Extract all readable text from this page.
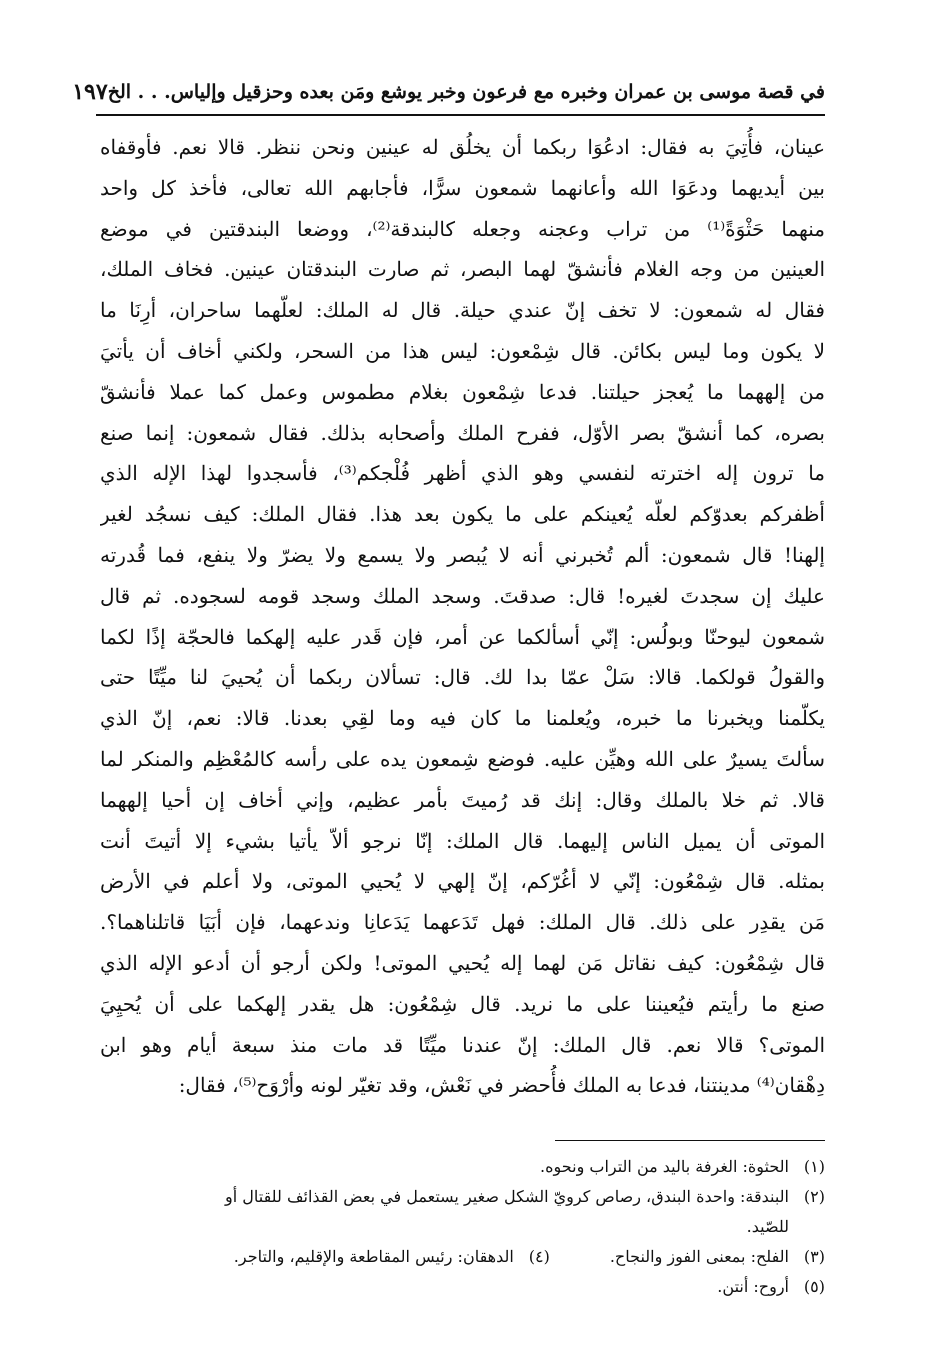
في قصة موسى بن عمران وخبره مع فرعون وخبر يوشع ومَن بعده وحزقيل وإلياس. . . الخ
١٩٧
عينان، فأُتِيَ به فقال: ادعُوَا ربكما أن يخلُق له عينين ونحن ننظر. قالا نعم. فأوقفاه
بين أيديهما ودعَوَا الله وأعانهما شمعون سرًّا، فأجابهم الله تعالى، فأخذ كل واحد
منهما حَثْوَةً⁽¹⁾ من تراب وعجنه وجعله كالبندقة⁽²⁾، ووضعا البندقتين في موضع
العينين من وجه الغلام فأنشقّ لهما البصر، ثم صارت البندقتان عينين. فخاف الملك،
فقال له شمعون: لا تخف إنّ عندي حيلة. قال له الملك: لعلّهما ساحران، أرِنَا ما
لا يكون وما ليس بكائن. قال شِمْعون: ليس هذا من السحر، ولكني أخاف أن يأتيَ
من إلههما ما يُعجز حيلتنا. فدعا شِمْعون بغلام مطموس وعمل كما عملا فأنشقّ
بصره، كما أنشقّ بصر الأوّل، ففرح الملك وأصحابه بذلك. فقال شمعون: إنما صنع
ما ترون إله اخترته لنفسي وهو الذي أظهر فُلْجكم⁽³⁾، فأسجدوا لهذا الإله الذي
أظفركم بعدوّكم لعلّه يُعينكم على ما يكون بعد هذا. فقال الملك: كيف نسجُد لغير
إلهنا! قال شمعون: ألم تُخبرني أنه لا يُبصر ولا يسمع ولا يضرّ ولا ينفع، فما قُدرته
عليك إن سجدتَ لغيره! قال: صدقتَ. وسجد الملك وسجد قومه لسجوده. ثم قال
شمعون ليوحنّا وبولُس: إنّي أسألكما عن أمر، فإن قَدر عليه إلهكما فالحجّة إذًا لكما
والقولُ قولكما. قالا: سَلْ عمّا بدا لك. قال: تسألان ربكما أن يُحييَ لنا ميِّتًا حتى
يكلّمنا ويخبرنا ما خبره، ويُعلمنا ما كان فيه وما لقِي بعدنا. قالا: نعم، إنّ الذي
سألتَ يسيرٌ على الله وهيِّن عليه. فوضع شِمعون يده على رأسه كالمُعْظِم والمنكر لما
قالا. ثم خلا بالملك وقال: إنك قد رُميتَ بأمر عظيم، وإني أخاف إن أحيا إلههما
الموتى أن يميل الناس إليهما. قال الملك: إنّا نرجو ألاّ يأتيا بشيء إلا أتيتَ أنت
بمثله. قال شِمْعُون: إنّي لا أغُرّكم، إنّ إلهي لا يُحيي الموتى، ولا أعلم في الأرض
مَن يقدِر على ذلك. قال الملك: فهل تَدَعهما يَدَعانِا وندعهما، فإن أبَيَا قاتلناهما؟.
قال شِمْعُون: كيف نقاتل مَن لهما إله يُحيي الموتى! ولكن أرجو أن أدعو الإله الذي
صنع ما رأيتم فيُعيننا على ما نريد. قال شِمْعُون: هل يقدر إلهكما على أن يُحيِيَ
الموتى؟ قالا نعم. قال الملك: إنّ عندنا ميِّتًا قد مات منذ سبعة أيام وهو ابن
دِهْقان⁽⁴⁾ مدينتنا، فدعا به الملك فأُحضر في نَعْش، وقد تغيّر لونه وأرْوَح⁽⁵⁾، فقال:
(١)
الحثوة: الغرفة باليد من التراب ونحوه.
(٢)
البندقة: واحدة البندق، رصاص كرويّ الشكل صغير يستعمل في بعض القذائف للقتال أو
للصّيد.
(٣)
الفلح: بمعنى الفوز والنجاح.
(٤)
الدهقان: رئيس المقاطعة والإقليم، والتاجر.
(٥)
أروح: أنتن.
